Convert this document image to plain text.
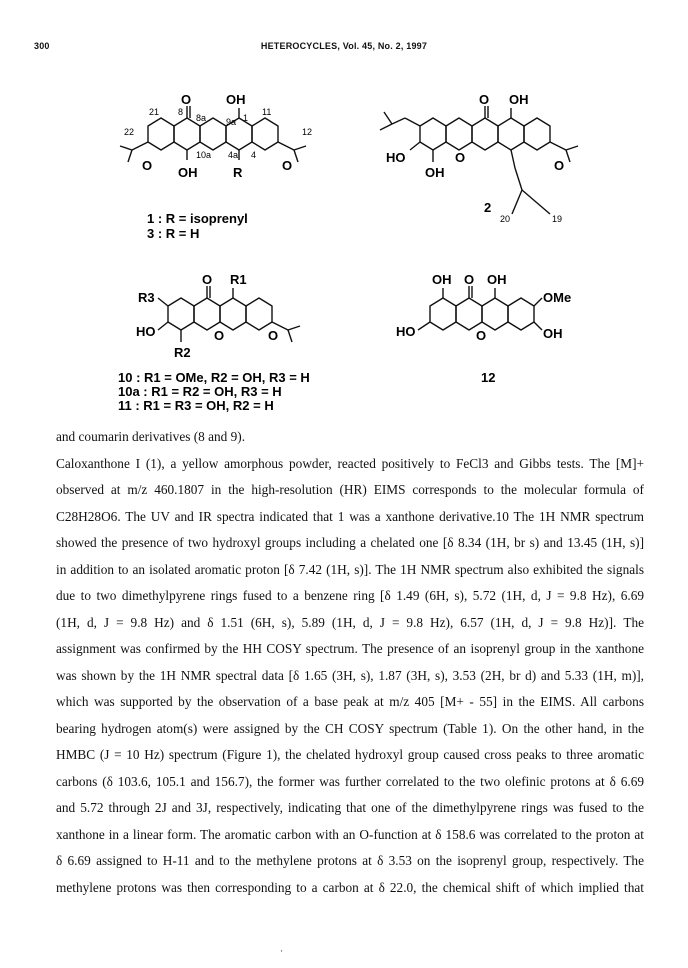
300	HETEROCYCLES, Vol. 45, No. 2, 1997
O	OH
O	O
OH	R
21 8
8a 9a 1
11
22
10a 4a 4
12
1 : R = isoprenyl
3 : R = H
O OH
HO	O
O
OH
2
20	19
O R1
R3
HO	O	O
R2
10 : R1 = OMe, R2 = OH, R3 = H
10a : R1 = R2 = OH, R3 = H
11 : R1 = R3 = OH, R2 = H
OH O OH
OMe
HO	O	OH
12
and coumarin derivatives (8 and 9).
Caloxanthone I (1), a yellow amorphous powder, reacted positively to FeCl3 and Gibbs tests. The [M]+
observed at m/z 460.1807 in the high-resolution (HR) EIMS corresponds to the molecular formula of
C28H28O6. The UV and IR spectra indicated that 1 was a xanthone derivative.10 The 1H NMR spectrum
showed the presence of two hydroxyl groups including a chelated one [δ 8.34 (1H, br s) and 13.45 (1H, s)]
in addition to an isolated aromatic proton [δ 7.42 (1H, s)]. The 1H NMR spectrum also exhibited the signals
due to two dimethylpyrene rings fused to a benzene ring [δ 1.49 (6H, s), 5.72 (1H, d, J = 9.8 Hz), 6.69
(1H, d, J = 9.8 Hz) and δ 1.51 (6H, s), 5.89 (1H, d, J = 9.8 Hz), 6.57 (1H, d, J = 9.8 Hz)]. The
assignment was confirmed by the HH COSY spectrum. The presence of an isoprenyl group in the xanthone
was shown by the 1H NMR spectral data [δ 1.65 (3H, s), 1.87 (3H, s), 3.53 (2H, br d) and 5.33 (1H, m)],
which was supported by the observation of a base peak at m/z 405 [M+ - 55] in the EIMS. All carbons
bearing hydrogen atom(s) were assigned by the CH COSY spectrum (Table 1). On the other hand, in the
HMBC (J = 10 Hz) spectrum (Figure 1), the chelated hydroxyl group caused cross peaks to three aromatic
carbons (δ 103.6, 105.1 and 156.7), the former was further correlated to the two olefinic protons at δ 6.69
and 5.72 through 2J and 3J, respectively, indicating that one of the dimethylpyrene rings was fused to the
xanthone in a linear form. The aromatic carbon with an O-function at δ 158.6 was correlated to the proton at
δ 6.69 assigned to H-11 and to the methylene protons at δ 3.53 on the isoprenyl group, respectively. The
methylene protons was then corresponding to a carbon at δ 22.0, the chemical shift of which implied that
·
